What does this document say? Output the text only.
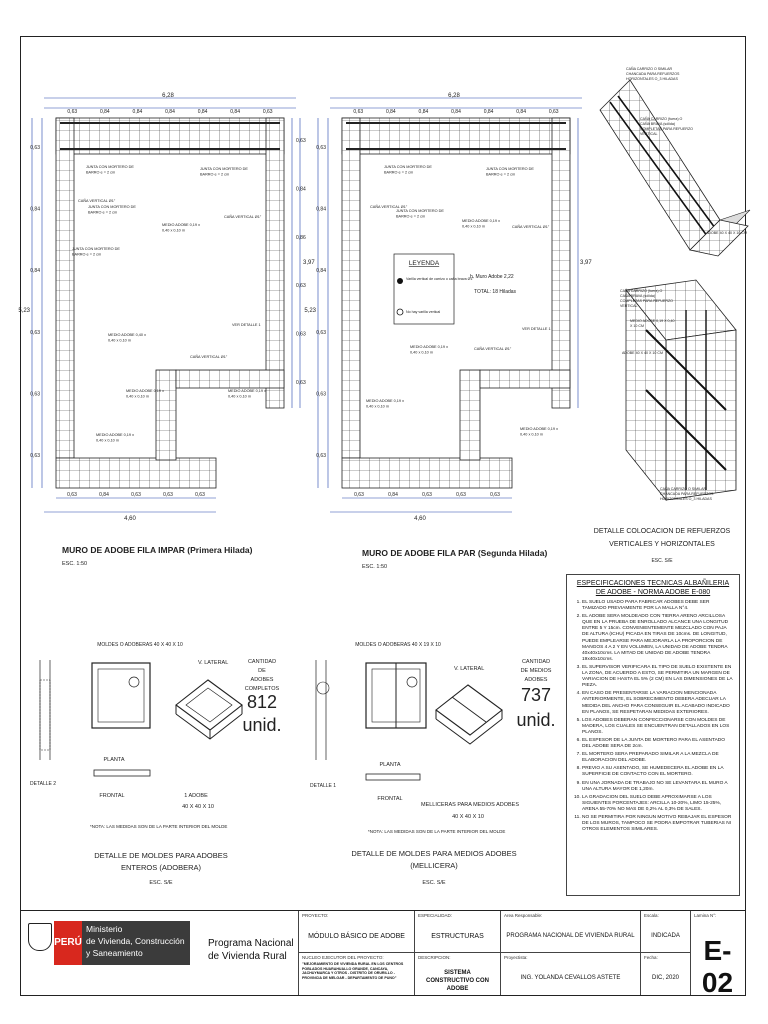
6,28
0,63	0,84	0,84	0,84	0,84	0,84	0,63
4,60
0,63	0,84	0,63	0,63	0,63
5,23
0,63
0,84
0,84
0,63
0,63
0,63
3,97
0,63
0,84
0,86
0,63
0,63
0,63
JUNTA CON MORTERO DE
BARRO e = 2 cm
JUNTA CON MORTERO DE
BARRO e = 2 cm
CAÑA VERTICAL Ø1"
JUNTA CON MORTERO DE
BARRO e = 2 cm
MEDIO ADOBE 0,19 x
0,40 x 0,10 m
CAÑA VERTICAL Ø1"
JUNTA CON MORTERO DE
BARRO e = 2 cm
MEDIO ADOBE 0,40 x
0,40 x 0,10 m
CAÑA VERTICAL Ø1"
VER DETALLE 1
MEDIO ADOBE 0,19 x
0,40 x 0,10 m
MEDIO ADOBE 0,19 x
0,40 x 0,10 m
MEDIO ADOBE 0,19 x
0,40 x 0,10 m
MURO DE ADOBE FILA IMPAR (Primera Hilada)
ESC. 1:50
6,28
0,63	0,84	0,84	0,84	0,84	0,84	0,63
4,60
0,63	0,84	0,63	0,63	0,63
5,23
0,63
0,84
0,84
0,63
0,63
0,63
3,97
LEYENDA
Varilla vertical de carrizo o caña brava Ø1"
No hay varilla vertical
h. Muro Adobe 2,22
TOTAL: 18 Hiladas
JUNTA CON MORTERO DE
BARRO e = 2 cm
JUNTA CON MORTERO DE
BARRO e = 2 cm
CAÑA VERTICAL Ø1"
JUNTA CON MORTERO DE
BARRO e = 2 cm
MEDIO ADOBE 0,19 x
0,40 x 0,10 m	CAÑA VERTICAL Ø1"
VER DETALLE 1
MEDIO ADOBE 0,19 x
0,40 x 0,10 m
CAÑA VERTICAL Ø1"
MEDIO ADOBE 0,19 x
0,40 x 0,10 m
MEDIO ADOBE 0,19 x
0,40 x 0,10 m
MURO DE ADOBE FILA PAR (Segunda Hilada)
ESC. 1:50
CAÑA CARRIZO O SIMILAR
CHANCADA PARA REFUERZOS
HORIZONTALES O_3 HILADAS
CAÑA CARRIZO (fuera) O
CAÑA BRAVA (sólida)
COMPLETAS PARA REFUERZO
VERTICAL
ADOBE 40 X 40 X 10 CM
CAÑA CARRIZO (fuera) O
CAÑA BRAVA (sólida)
COMPLETAS PARA REFUERZO
VERTICAL
MEDIO ADOBE 0,19 X 0,40
X 10 CM
ADOBE 40 X 40 X 10 CM
CAÑA CARRIZO O SIMILAR
CHANCADA PARA REFUERZOS
HORIZONTALES O_3 HILADAS
DETALLE COLOCACION DE REFUERZOS
VERTICALES Y HORIZONTALES
ESC. S/E
MOLDES O ADOBERAS 40 X 40 X 10
DETALLE 2
PLANTA
FRONTAL
V. LATERAL
1 ADOBE
40 X 40 X 10
CANTIDAD
DE
ADOBES
COMPLETOS
812
unid.
*NOTA: LAS MEDIDAS SON DE LA PARTE INTERIOR DEL MOLDE
DETALLE DE MOLDES PARA ADOBES
ENTEROS (ADOBERA)
ESC. S/E
MOLDES O ADOBERAS 40 X 19 X 10
DETALLE 1
PLANTA
FRONTAL
V. LATERAL
MELLICERAS PARA MEDIOS ADOBES
40 X 40 X 10
CANTIDAD
DE MEDIOS
ADOBES
737
unid.
*NOTA: LAS MEDIDAS SON DE LA PARTE INTERIOR DEL MOLDE
DETALLE DE MOLDES PARA MEDIOS ADOBES
(MELLICERA)
ESC. S/E
ESPECIFICACIONES TECNICAS ALBAÑILERIA
DE ADOBE - NORMA ADOBE E-080
1. EL SUELO USADO PARA FABRICAR ADOBES DEBE SER TAMIZADO PREVIAMENTE POR LA MALLA N°4.
2. EL ADOBE SERA MOLDEADO CON TIERRA ARENO ARCILLOSA QUE EN LA PRUEBA DE ENROLLADO ALCANCE UNA LONGITUD ENTRE 5 Y 15cm. CONVENIENTEMENTE MEZCLADO CON PAJA DE ALTURA (ICHU) PICADA EN TIRAS DE 10cms. DE LONGITUD, PUEDE EMPLEARSE PARA MEJORARLA LA PROPORCION DE MANGOS 4 A 2 Y EN VOLUMEN, LA UNIDAD DE ADOBE TENDRA 40x40x10cms. LA MITAD DE UNIDAD DE ADOBE TENDRA 19x40x10cms.
3. EL SUPERVISOR VERIFICARA EL TIPO DE SUELO EXISTENTE EN LA ZONA, DE ACUERDO A ESTO, SE PERMITIRA UN MARGEN DE VARIACION DE HASTA EL 5% (2 CM) EN LAS DIMENSIONES DE LA PIEZA.
4. EN CASO DE PRESENTARSE LA VARIACION MENCIONADA ANTERIORMENTE, EL SOBRECIMIENTO DEBERA ADECUAR LA MEDIDA DEL ANCHO PARA CONSEGUIR EL ACABADO INDICADO EN PLANOS, SE RESPETARAN MEDIDAS EXTERIORES.
5. LOS ADOBES DEBERAN CONFECCIONARSE CON MOLDES DE MADERA, LOS CUALES SE ENCUENTRAN DETALLADOS EN LOS PLANOS.
6. EL ESPESOR DE LA JUNTA DE MORTERO PARA EL ASENTADO DEL ADOBE SERA DE 2cm.
7. EL MORTERO SERA PREPARADO SIMILAR A LA MEZCLA DE ELABORACION DEL ADOBE.
8. PREVIO A SU ASENTADO, SE HUMEDECERA EL ADOBE EN LA SUPERFICIE DE CONTACTO CON EL MORTERO.
9. EN UNA JORNADA DE TRABAJO NO SE LEVANTARA EL MURO A UNA ALTURA MAYOR DE 1,20m.
10. LA GRADACION DEL SUELO DEBE APROXIMARSE A LOS SIGUIENTES PORCENTAJES: ARCILLA 10-20%, LIMO 15-25%, ARENA 55-70% NO MAS DE 0,2% AL 0,3% DE SALES.
11. NO SE PERMITIRA POR NINGUN MOTIVO REBAJAR EL ESPESOR DE LOS MUROS, TAMPOCO SE PODRA EMPOTRAR TUBERIAS NI OTROS ELEMENTOS SIMILARES.
PERÚ
Ministerio
de Vivienda, Construcción
y Saneamiento
Programa Nacional
de Vivienda Rural
PROYECTO:
MÓDULO BÁSICO DE ADOBE
NUCLEO EJECUTOR DEL PROYECTO:
"MEJORAMIENTO DE VIVIENDA RURAL EN LOS CENTROS POBLADOS HUARAHUALLO GRANDE, CANCAYA, JACHUYMARCA Y OTROS - DISTRITO DE ORURILLO - PROVINCIA DE MELGAR - DEPARTAMENTO DE PUNO"
ESPECIALIDAD:
ESTRUCTURAS
DESCRIPCION:
SISTEMA CONSTRUCTIVO CON ADOBE
Area Responsable:
PROGRAMA NACIONAL DE VIVIENDA RURAL
Proyectista:
ING. YOLANDA CEVALLOS ASTETE
Escala:
INDICADA
Fecha:
DIC, 2020
Lamina N°:
E-02
